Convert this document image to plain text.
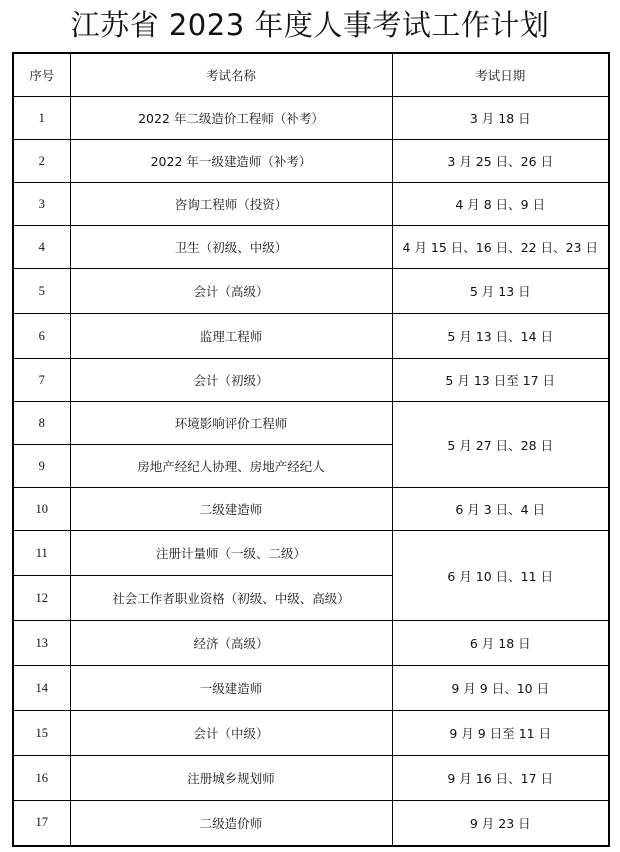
江苏省 2023 年度人事考试工作计划
序号	考试名称	考试日期
1	2022 年二级造价工程师（补考）	3 月 18 日
2	2022 年一级建造师（补考）	3 月 25 日、26 日
3	咨询工程师（投资）	4 月 8 日、9 日
4	卫生（初级、中级）	4 月 15 日、16 日、22 日、23 日
5	会计（高级）	5 月 13 日
6	监理工程师	5 月 13 日、14 日
7	会计（初级）	5 月 13 日至 17 日
8	环境影响评价工程师	5 月 27 日、28 日
9	房地产经纪人协理、房地产经纪人	
10	二级建造师	6 月 3 日、4 日
11	注册计量师（一级、二级）	6 月 10 日、11 日
12	社会工作者职业资格（初级、中级、高级）	
13	经济（高级）	6 月 18 日
14	一级建造师	9 月 9 日、10 日
15	会计（中级）	9 月 9 日至 11 日
16	注册城乡规划师	9 月 16 日、17 日
17	二级造价师	9 月 23 日
